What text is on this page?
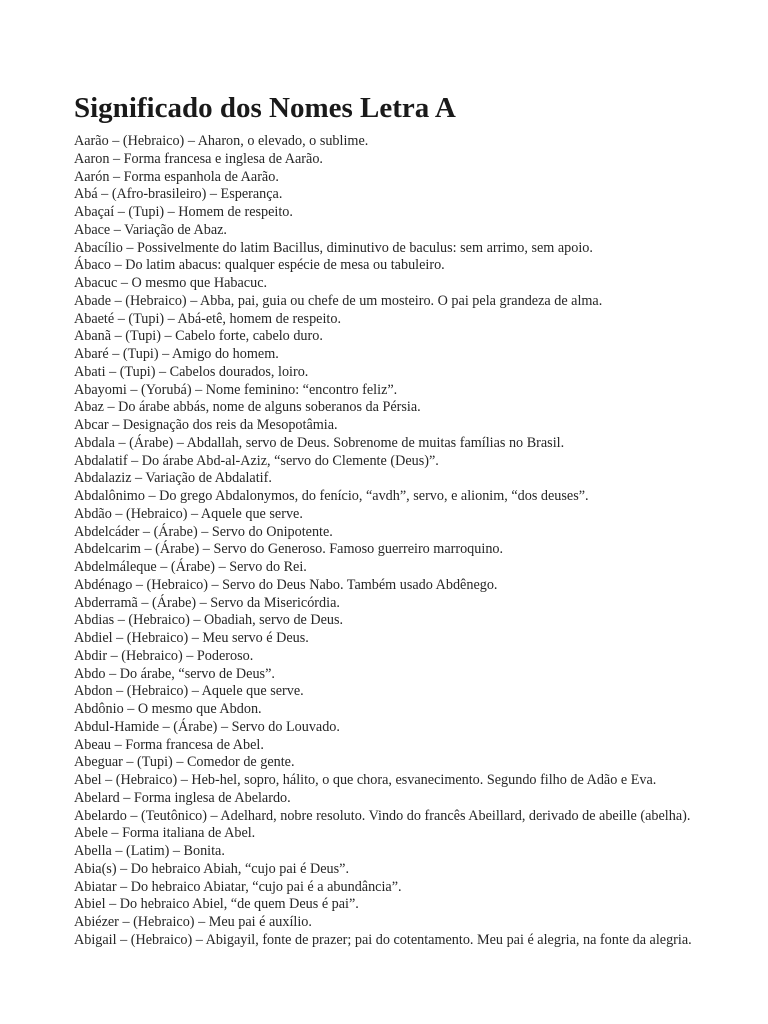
Significado dos Nomes Letra A
Aarão – (Hebraico) – Aharon, o elevado, o sublime.
Aaron – Forma francesa e inglesa de Aarão.
Aarón – Forma espanhola de Aarão.
Abá – (Afro-brasileiro) – Esperança.
Abaçaí – (Tupi) – Homem de respeito.
Abace – Variação de Abaz.
Abacílio – Possivelmente do latim Bacillus, diminutivo de baculus: sem arrimo, sem apoio.
Ábaco – Do latim abacus: qualquer espécie de mesa ou tabuleiro.
Abacuc – O mesmo que Habacuc.
Abade – (Hebraico) – Abba, pai, guia ou chefe de um mosteiro. O pai pela grandeza de alma.
Abaeté – (Tupi) – Abá-etê, homem de respeito.
Abanã – (Tupi) – Cabelo forte, cabelo duro.
Abaré – (Tupi) – Amigo do homem.
Abati – (Tupi) – Cabelos dourados, loiro.
Abayomi – (Yorubá) – Nome feminino: “encontro feliz”.
Abaz – Do árabe abbás, nome de alguns soberanos da Pérsia.
Abcar – Designação dos reis da Mesopotâmia.
Abdala – (Árabe) – Abdallah, servo de Deus. Sobrenome de muitas famílias no Brasil.
Abdalatif – Do árabe Abd-al-Aziz, “servo do Clemente (Deus)”.
Abdalaziz – Variação de Abdalatif.
Abdalônimo – Do grego Abdalonymos, do fenício, “avdh”, servo, e alionim, “dos deuses”.
Abdão – (Hebraico) – Aquele que serve.
Abdelcáder – (Árabe) – Servo do Onipotente.
Abdelcarim – (Árabe) – Servo do Generoso. Famoso guerreiro marroquino.
Abdelmáleque – (Árabe) – Servo do Rei.
Abdénago – (Hebraico) – Servo do Deus Nabo. Também usado Abdênego.
Abderramã – (Árabe) – Servo da Misericórdia.
Abdias – (Hebraico) – Obadiah, servo de Deus.
Abdiel – (Hebraico) – Meu servo é Deus.
Abdir – (Hebraico) – Poderoso.
Abdo – Do árabe, “servo de Deus”.
Abdon – (Hebraico) – Aquele que serve.
Abdônio – O mesmo que Abdon.
Abdul-Hamide – (Árabe) – Servo do Louvado.
Abeau – Forma francesa de Abel.
Abeguar – (Tupi) – Comedor de gente.
Abel – (Hebraico) – Heb-hel, sopro, hálito, o que chora, esvanecimento. Segundo filho de Adão e Eva.
Abelard – Forma inglesa de Abelardo.
Abelardo – (Teutônico) – Adelhard, nobre resoluto. Vindo do francês Abeillard, derivado de abeille (abelha).
Abele – Forma italiana de Abel.
Abella – (Latim) – Bonita.
Abia(s) – Do hebraico Abiah, “cujo pai é Deus”.
Abiatar – Do hebraico Abiatar, “cujo pai é a abundância”.
Abiel – Do hebraico Abiel, “de quem Deus é pai”.
Abiézer – (Hebraico) – Meu pai é auxílio.
Abigail – (Hebraico) – Abigayil, fonte de prazer; pai do cotentamento. Meu pai é alegria, na fonte da alegria.
